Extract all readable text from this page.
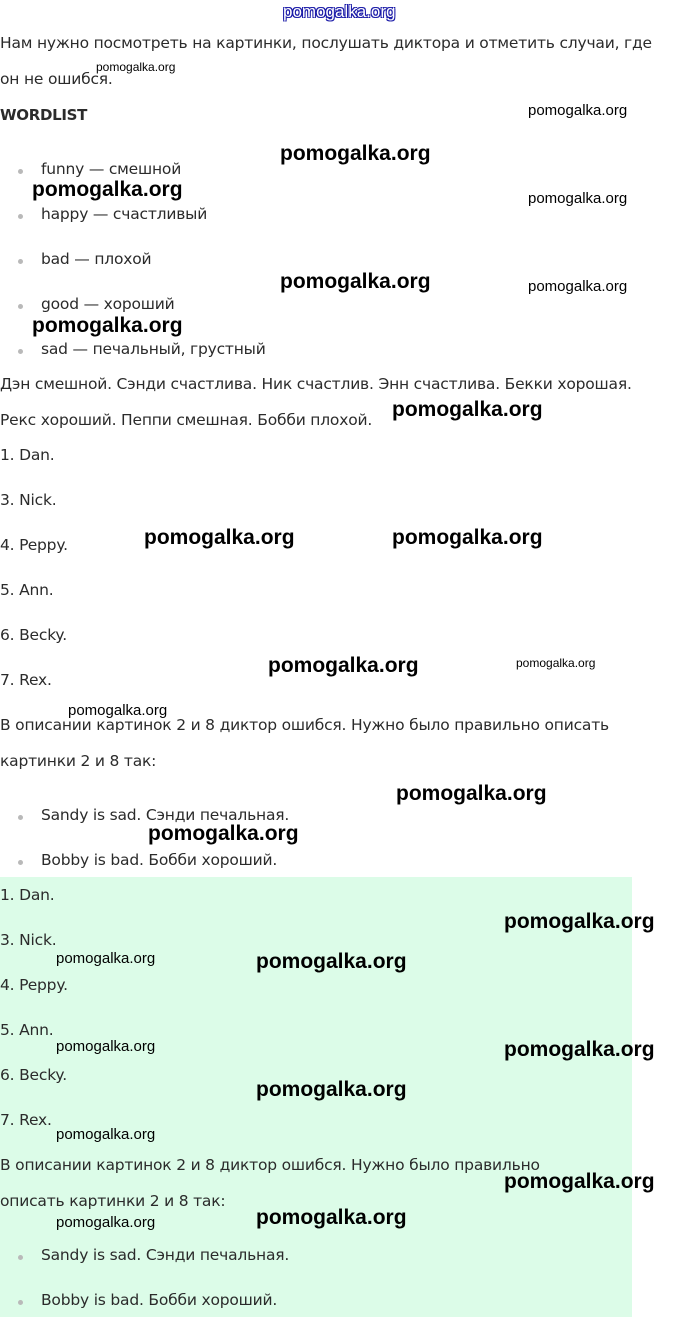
pomogalka.org
Нам нужно посмотреть на картинки, послушать диктора и отметить случаи, где
он не ошибся.
WORDLIST
funny — смешной
happy — счастливый
bad — плохой
good — хороший
sad — печальный, грустный
Дэн смешной. Сэнди счастлива. Ник счастлив. Энн счастлива. Бекки хорошая.
Рекс хороший. Пеппи смешная. Бобби плохой.
1. Dan.
3. Nick.
4. Peppy.
5. Ann.
6. Becky.
7. Rex.
В описании картинок 2 и 8 диктор ошибся. Нужно было правильно описать
картинки 2 и 8 так:
Sandy is sad. Сэнди печальная.
Bobby is bad. Бобби хороший.
1. Dan.
3. Nick.
4. Peppy.
5. Ann.
6. Becky.
7. Rex.
В описании картинок 2 и 8 диктор ошибся. Нужно было правильно
описать картинки 2 и 8 так:
Sandy is sad. Сэнди печальная.
Bobby is bad. Бобби хороший.
pomogalka.org
pomogalka.org
pomogalka.org
pomogalka.org	pomogalka.org
pomogalka.org	pomogalka.org
pomogalka.org
pomogalka.org
pomogalka.org	pomogalka.org
pomogalka.org	pomogalka.org
pomogalka.org
pomogalka.org
pomogalka.org
pomogalka.org
pomogalka.org	pomogalka.org
pomogalka.org	pomogalka.org
pomogalka.org
pomogalka.org
pomogalka.org
pomogalka.org	pomogalka.org
